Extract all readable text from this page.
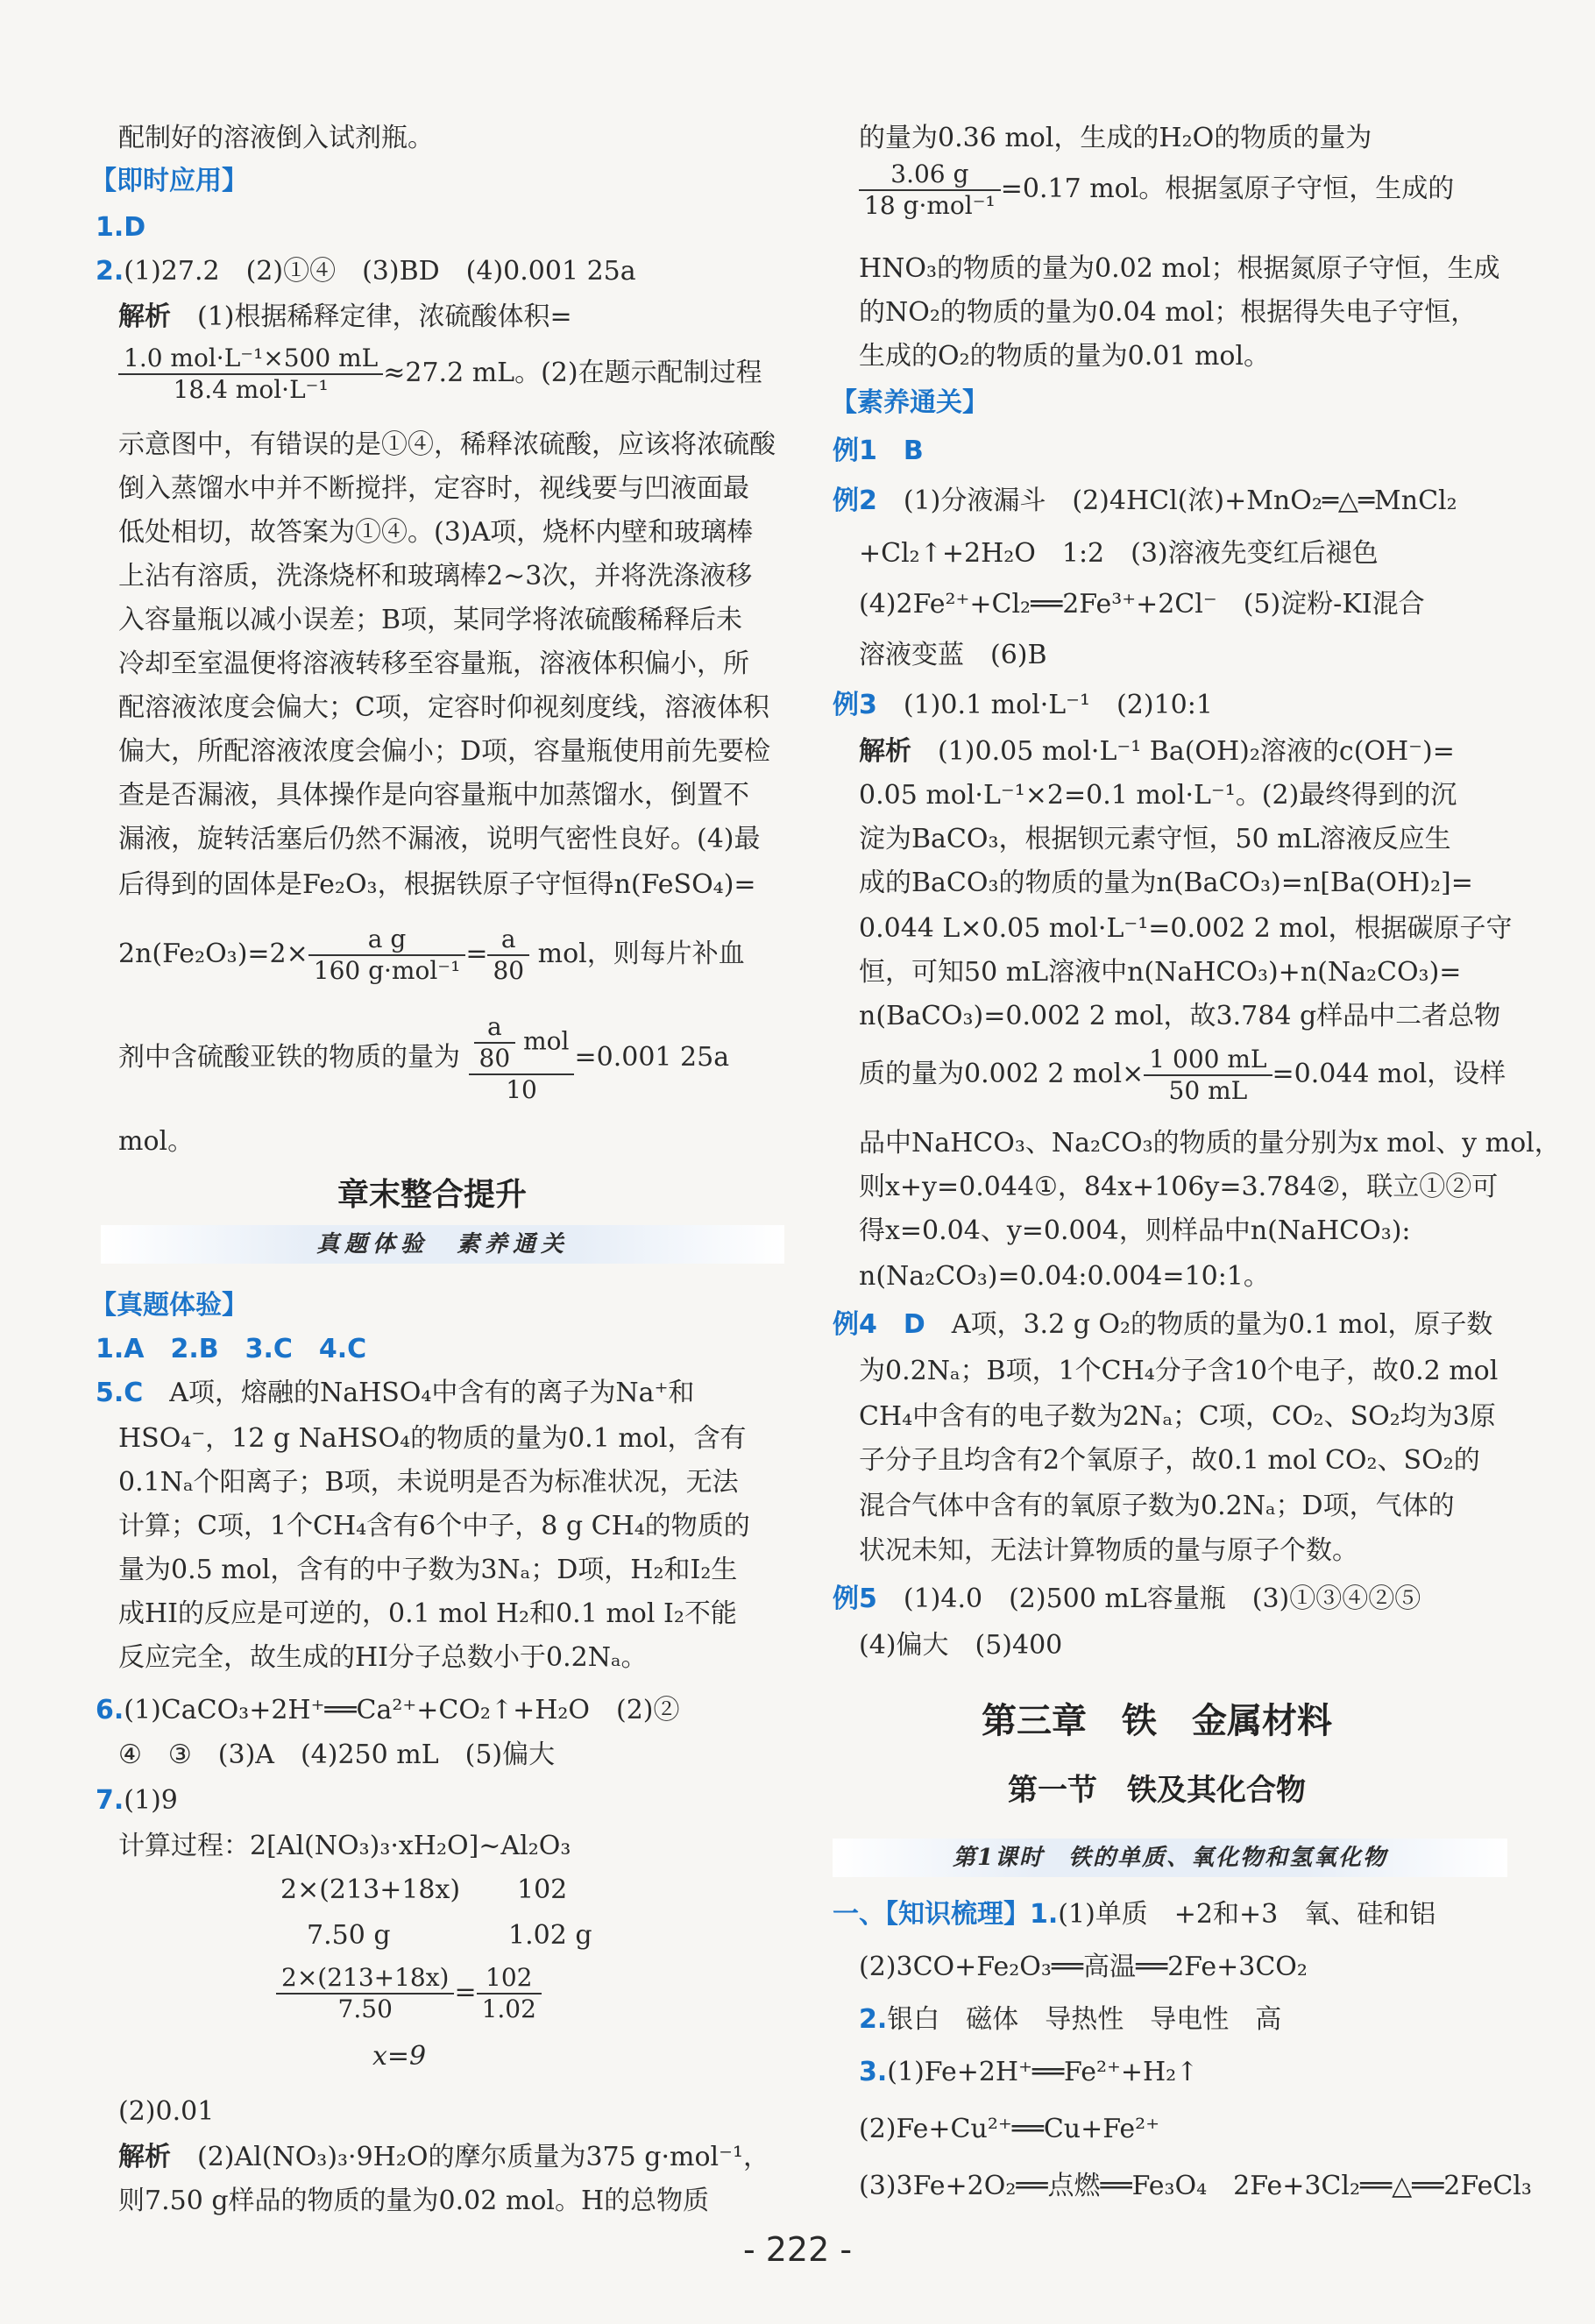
配制好的溶液倒入试剂瓶。
【即时应用】
1.D
2.(1)27.2　(2)①④　(3)BD　(4)0.001 25a
解析　 (1)根据稀释定律，浓硫酸体积=
$\frac{\text{1.0 mol·L⁻¹×500 mL}}{\text{18.4 mol·L⁻¹}} \approx 27.2$ mL。(2)在题示配制过程
示意图中，有错误的是①④，稀释浓硫酸，应该将浓硫酸
倒入蒸馏水中并不断搅拌，定容时，视线要与凹液面最
低处相切，故答案为①④。(3)A项，烧杯内壁和玻璃棒
上沾有溶质，洗涤烧杯和玻璃棒2~3次，并将洗涤液移
入容量瓶以减小误差；B项，某同学将浓硫酸稀释后未
冷却至室温便将溶液转移至容量瓶，溶液体积偏小，所
配溶液浓度会偏大；C项，定容时仰视刻度线，溶液体积
偏大，所配溶液浓度会偏小；D项，容量瓶使用前先要检
查是否漏液，具体操作是向容量瓶中加蒸馏水，倒置不
漏液，旋转活塞后仍然不漏液，说明气密性良好。(4)最
后得到的固体是Fe₂O₃，根据铁原子守恒得n(FeSO₄)=
$2n(Fe_2O_3)=2\times \frac{\text{a g}}{\text{160 g·mol⁻¹}} = \frac{a}{80}$ mol，则每片补血
剂中含硫酸亚铁的物质的量为 $\frac{\frac{a}{80} mol}{10} =0.001$ 25a
mol。
章末整合提升
真题体验　素养通关
【真题体验】
1.A　2.B　3.C　4.C
5.C　 A项，熔融的NaHSO₄中含有的离子为Na⁺和
HSO₄⁻，12 g NaHSO₄的物质的量为0.1 mol，含有
0.1Nₐ个阳离子；B项，未说明是否为标准状况，无法
计算；C项，1个CH₄含有6个中子，8 g CH₄的物质的
量为0.5 mol，含有的中子数为3Nₐ；D项，H₂和I₂生
成HI的反应是可逆的，0.1 mol H₂和0.1 mol I₂不能
反应完全，故生成的HI分子总数小于0.2Nₐ。
6.(1)CaCO₃+2H⁺══Ca²⁺+CO₂↑+H₂O　(2)②
④　③　(3)A　(4)250 mL　(5)偏大
7.(1)9
计算过程：2[Al(NO₃)₃·xH₂O]~Al₂O₃
2×(213+18x) 102
7.50 g	1.02 g
$\frac{2\times(213+18x)}{7.50} = \frac{102}{1.02}$
x=9
(2)0.01
解析　 (2)Al(NO₃)₃·9H₂O的摩尔质量为375 g·mol⁻¹，
则7.50 g样品的物质的量为0.02 mol。H的总物质
的量为0.36 mol，生成的H₂O的物质的量为
$\frac{3.06 g}{\text{18 g·mol⁻¹}} =0.17$ mol。根据氢原子守恒，生成的
HNO₃的物质的量为0.02 mol；根据氮原子守恒，生成
的NO₂的物质的量为0.04 mol；根据得失电子守恒，
生成的O₂的物质的量为0.01 mol。
【素养通关】
例1　B
例2　 (1)分液漏斗　(2)4HCl(浓)+MnO₂═△═MnCl₂
+Cl₂↑+2H₂O　1:2　(3)溶液先变红后褪色
(4)2Fe²⁺+Cl₂══2Fe³⁺+2Cl⁻　(5)淀粉-KI混合
溶液变蓝　(6)B
例3　 (1)0.1 mol·L⁻¹　(2)10:1
解析　 (1)0.05 mol·L⁻¹ Ba(OH)₂溶液的c(OH⁻)=
0.05 mol·L⁻¹×2=0.1 mol·L⁻¹。(2)最终得到的沉
淀为BaCO₃，根据钡元素守恒，50 mL溶液反应生
成的BaCO₃的物质的量为n(BaCO₃)=n[Ba(OH)₂]=
0.044 L×0.05 mol·L⁻¹=0.002 2 mol，根据碳原子守
恒，可知50 mL溶液中n(NaHCO₃)+n(Na₂CO₃)=
n(BaCO₃)=0.002 2 mol，故3.784 g样品中二者总物
质的量为0.002 2 $mol\times \frac{1 000 mL}{50 mL} =0.044$ mol，设样
品中NaHCO₃、Na₂CO₃的物质的量分别为x mol、y mol，
则x+y=0.044①，84x+106y=3.784②，联立①②可
得x=0.04、y=0.004，则样品中n(NaHCO₃):
n(Na₂CO₃)=0.04:0.004=10:1。
例4　D　 A项，3.2 g O₂的物质的量为0.1 mol，原子数
为0.2Nₐ；B项，1个CH₄分子含10个电子，故0.2 mol
CH₄中含有的电子数为2Nₐ；C项，CO₂、SO₂均为3原
子分子且均含有2个氧原子，故0.1 mol CO₂、SO₂的
混合气体中含有的氧原子数为0.2Nₐ；D项，气体的
状况未知，无法计算物质的量与原子个数。
例5　 (1)4.0　(2)500 mL容量瓶　(3)①③④②⑤
(4)偏大　(5)400
第三章　铁　金属材料
第一节　铁及其化合物
第1课时　铁的单质、氧化物和氢氧化物
一、【知识梳理】1.(1)单质　+2和+3　氧、硅和铝
(2)3CO+Fe₂O₃══高温══2Fe+3CO₂
2.银白　磁体　导热性　导电性　高
3.(1)Fe+2H⁺══Fe²⁺+H₂↑
(2)Fe+Cu²⁺══Cu+Fe²⁺
(3)3Fe+2O₂══点燃══Fe₃O₄　2Fe+3Cl₂══△══2FeCl₃
- 222 -
